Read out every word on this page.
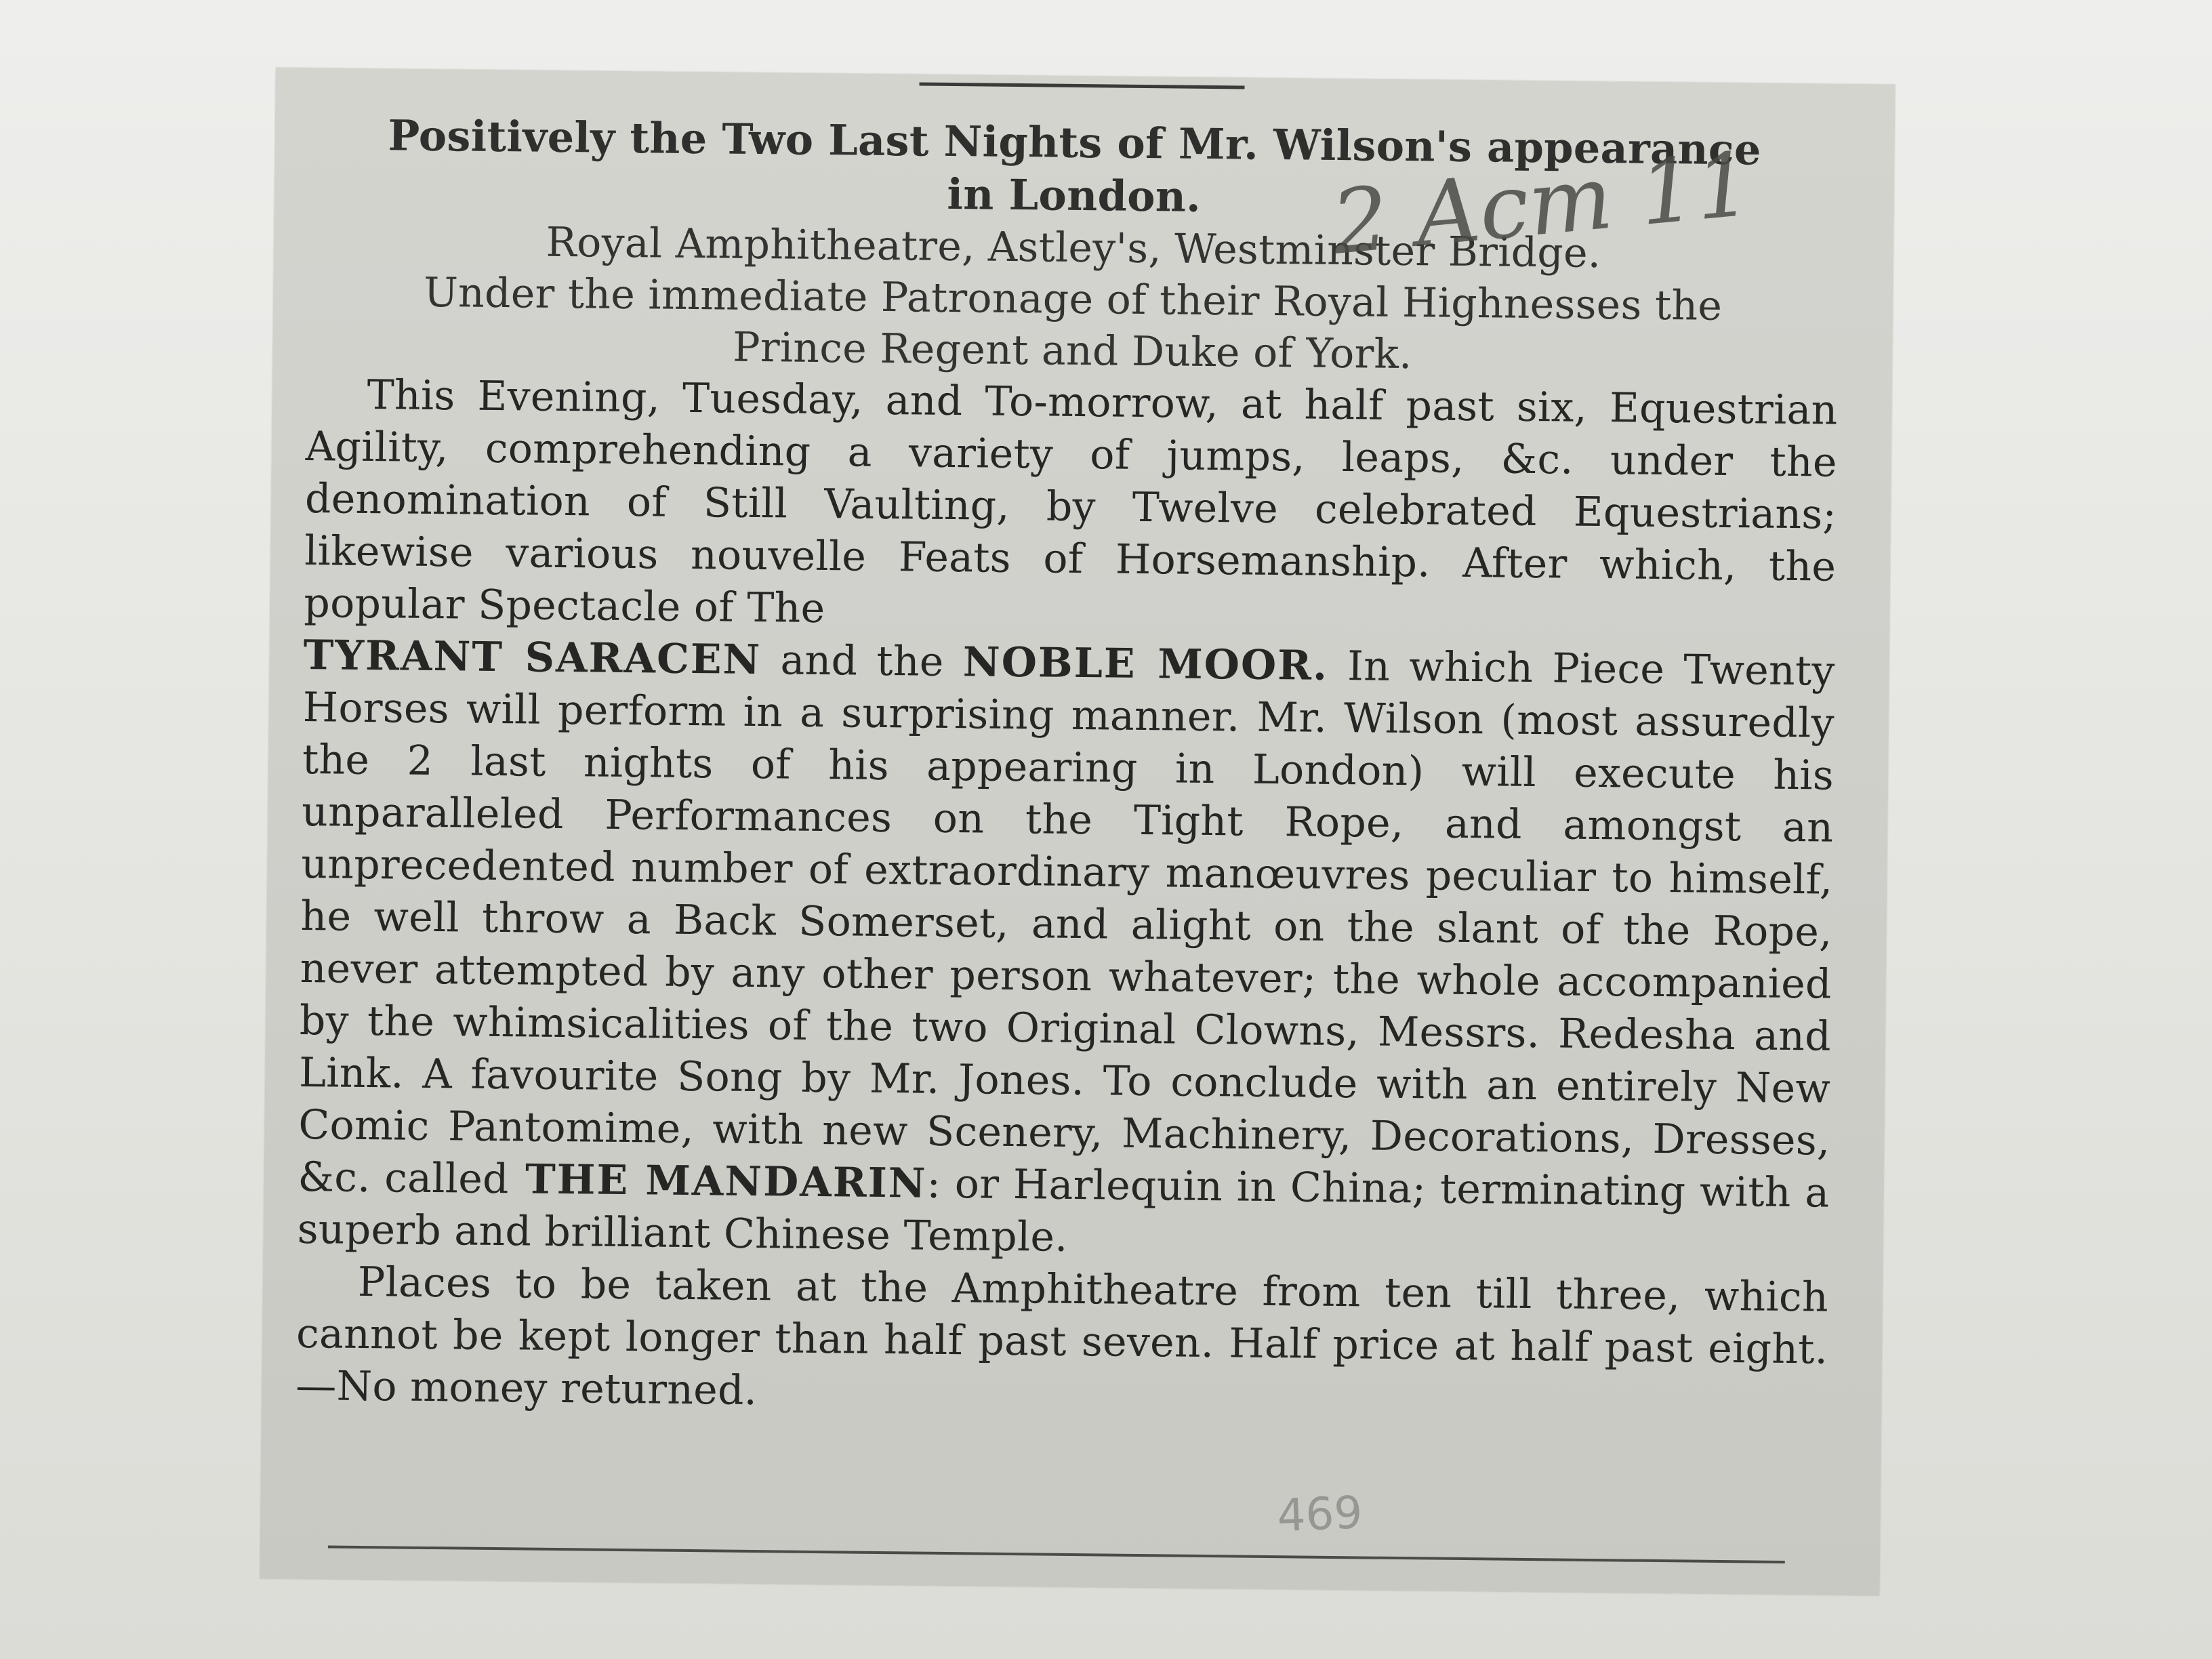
Positively the Two Last Nights of Mr. Wilson's appearance

in London.

Royal Amphitheatre, Astley's, Westminster Bridge.

Under the immediate Patronage of their Royal Highnesses the

Prince Regent and Duke of York.

This Evening, Tuesday, and To-morrow, at half past six, Equestrian Agility, comprehending a variety of jumps, leaps, &c. under the denomination of Still Vaulting, by Twelve celebrated Equestrians; likewise various nouvelle Feats of Horsemanship. After which, the popular Spectacle of The
TYRANT SARACEN and the NOBLE MOOR. In which Piece Twenty Horses will perform in a surprising manner. Mr. Wilson (most assuredly the 2 last nights of his appearing in London) will execute his unparalleled Performances on the Tight Rope, and amongst an unprecedented number of extraordinary manœuvres peculiar to himself, he well throw a Back Somerset, and alight on the slant of the Rope, never attempted by any other person whatever; the whole accompanied by the whimsicalities of the two Original Clowns, Messrs. Redesha and Link. A favourite Song by Mr. Jones. To conclude with an entirely New Comic Pantomime, with new Scenery, Machinery, Decorations, Dresses, &c. called THE MANDARIN: or Harlequin in China; terminating with a superb and brilliant Chinese Temple.

Places to be taken at the Amphitheatre from ten till three, which cannot be kept longer than half past seven. Half price at half past eight.—No money returned.

2 Aст 11
469
